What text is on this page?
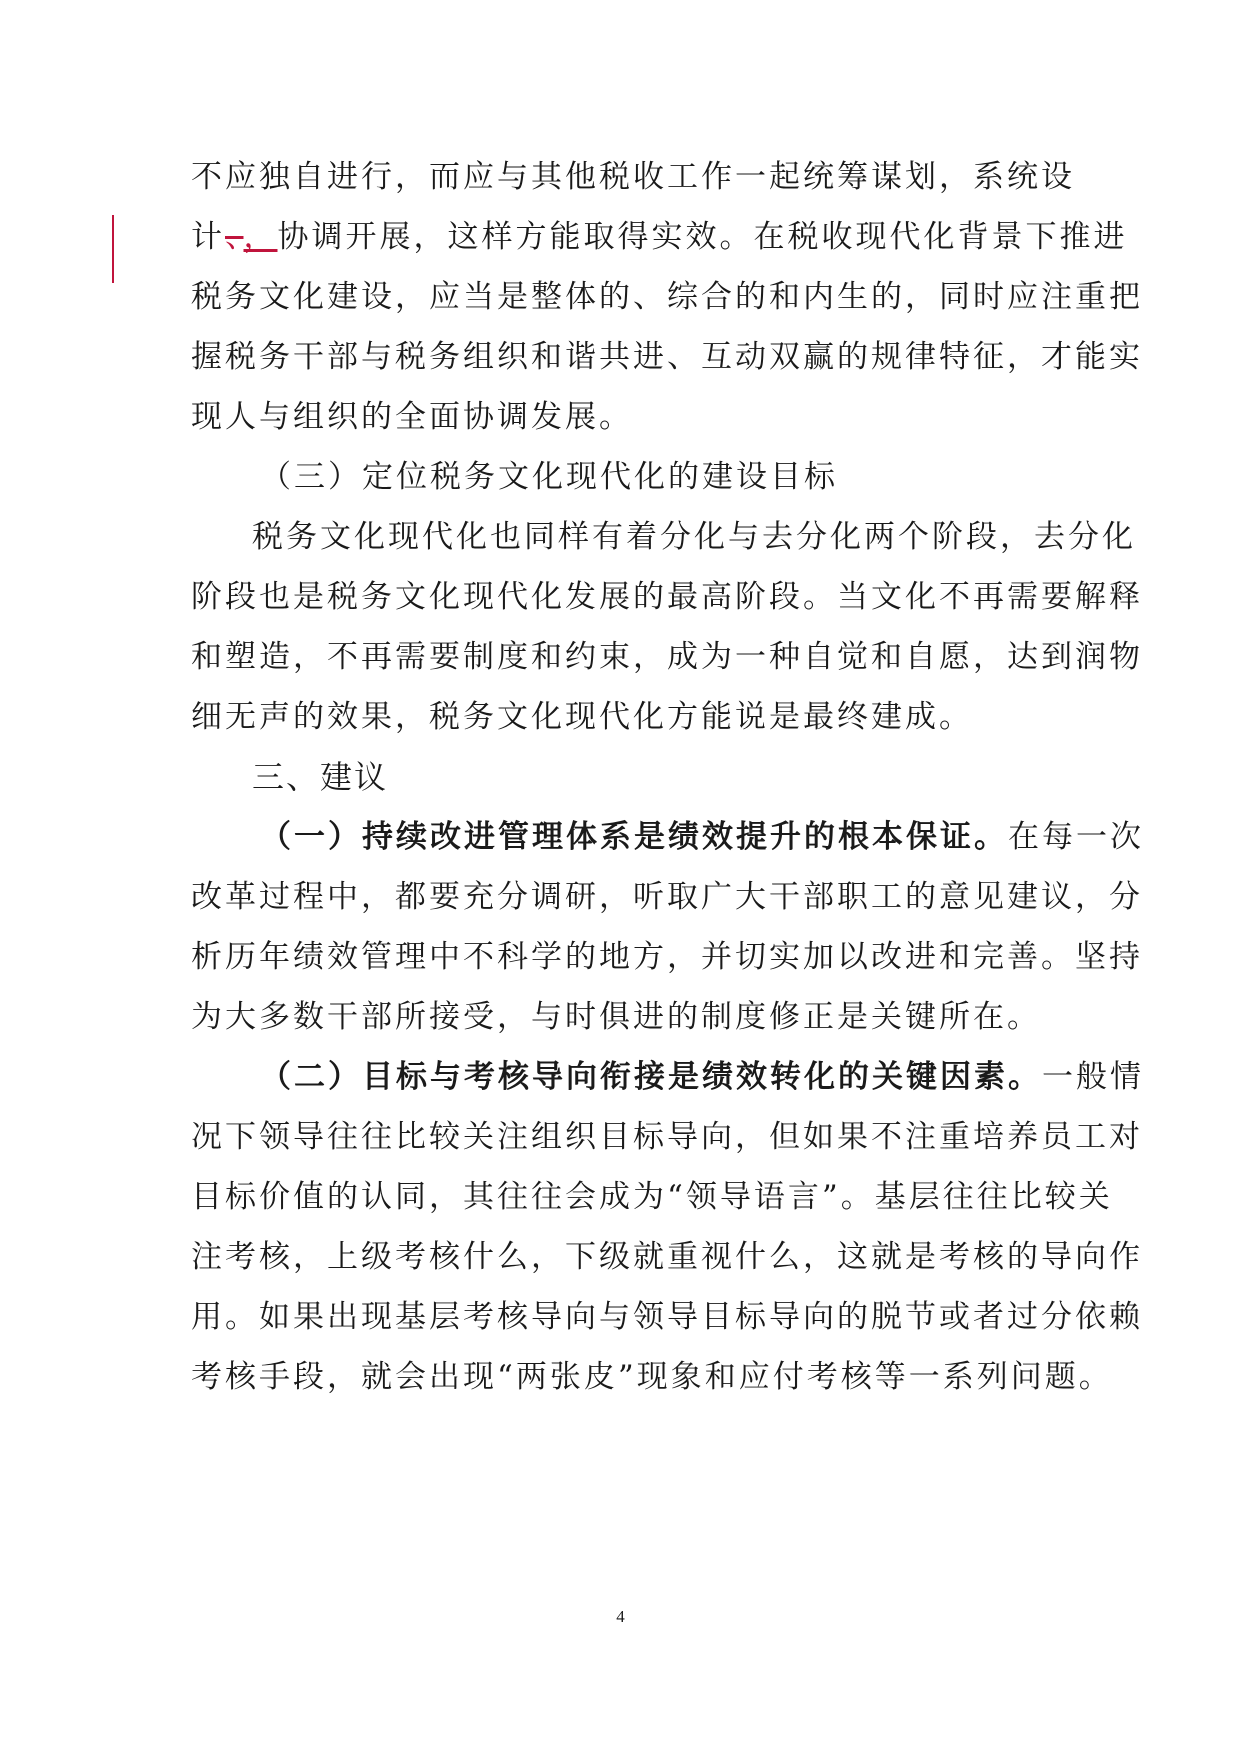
不应独自进行，而应与其他税收工作一起统筹谋划，系统设
计、，协调开展，这样方能取得实效。在税收现代化背景下推进
税务文化建设，应当是整体的、综合的和内生的，同时应注重把
握税务干部与税务组织和谐共进、互动双赢的规律特征，才能实
现人与组织的全面协调发展。
（三）定位税务文化现代化的建设目标
税务文化现代化也同样有着分化与去分化两个阶段，去分化
阶段也是税务文化现代化发展的最高阶段。当文化不再需要解释
和塑造，不再需要制度和约束，成为一种自觉和自愿，达到润物
细无声的效果，税务文化现代化方能说是最终建成。
三、建议
（一）持续改进管理体系是绩效提升的根本保证。在每一次
改革过程中，都要充分调研，听取广大干部职工的意见建议，分
析历年绩效管理中不科学的地方，并切实加以改进和完善。坚持
为大多数干部所接受，与时俱进的制度修正是关键所在。
（二）目标与考核导向衔接是绩效转化的关键因素。一般情
况下领导往往比较关注组织目标导向，但如果不注重培养员工对
目标价值的认同，其往往会成为“领导语言”。基层往往比较关
注考核，上级考核什么，下级就重视什么，这就是考核的导向作
用。如果出现基层考核导向与领导目标导向的脱节或者过分依赖
考核手段，就会出现“两张皮”现象和应付考核等一系列问题。
4
